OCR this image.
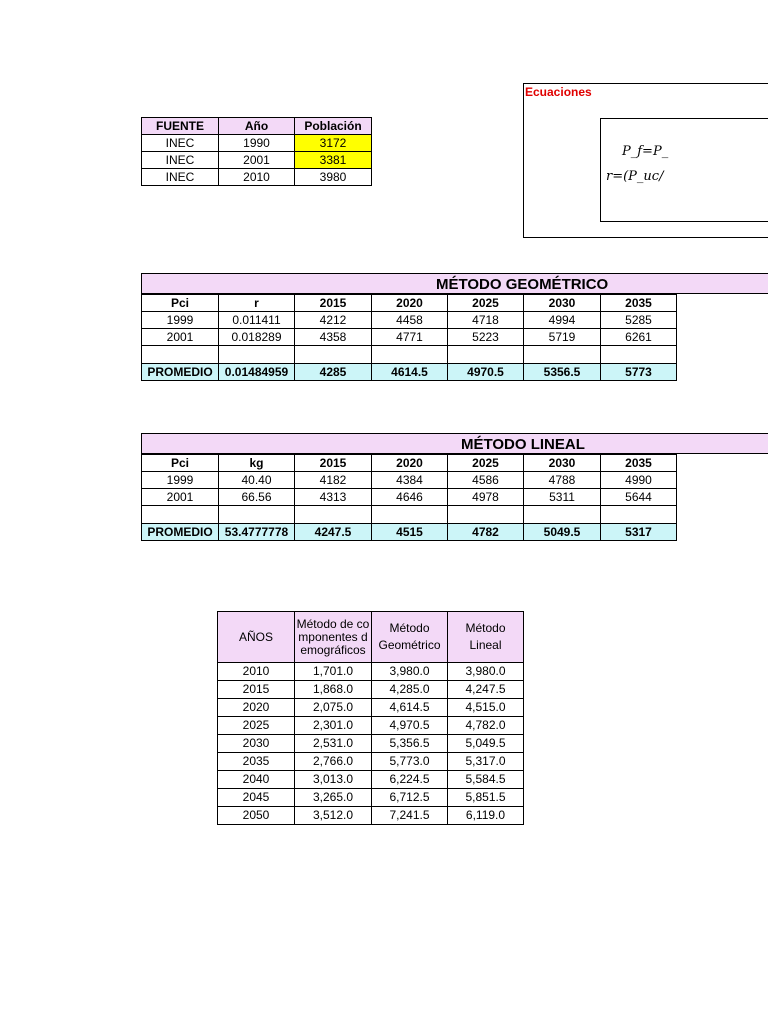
FUENTE	Año	Población
INEC	1990	3172
INEC	2001	3381
INEC	2010	3980
Ecuaciones
P_f=P_
r=(P_uc/
MÉTODO GEOMÉTRICO
Pci	r	2015	2020	2025	2030	2035
1999	0.011411	4212	4458	4718	4994	5285
2001	0.018289	4358	4771	5223	5719	6261

PROMEDIO	0.01484959	4285	4614.5	4970.5	5356.5	5773
MÉTODO LINEAL
Pci	kg	2015	2020	2025	2030	2035
1999	40.40	4182	4384	4586	4788	4990
2001	66.56	4313	4646	4978	5311	5644

PROMEDIO	53.4777778	4247.5	4515	4782	5049.5	5317
AÑOS	Método de componentes demográficos	Método Geométrico	Método Lineal
2010	1,701.0	3,980.0	3,980.0
2015	1,868.0	4,285.0	4,247.5
2020	2,075.0	4,614.5	4,515.0
2025	2,301.0	4,970.5	4,782.0
2030	2,531.0	5,356.5	5,049.5
2035	2,766.0	5,773.0	5,317.0
2040	3,013.0	6,224.5	5,584.5
2045	3,265.0	6,712.5	5,851.5
2050	3,512.0	7,241.5	6,119.0
